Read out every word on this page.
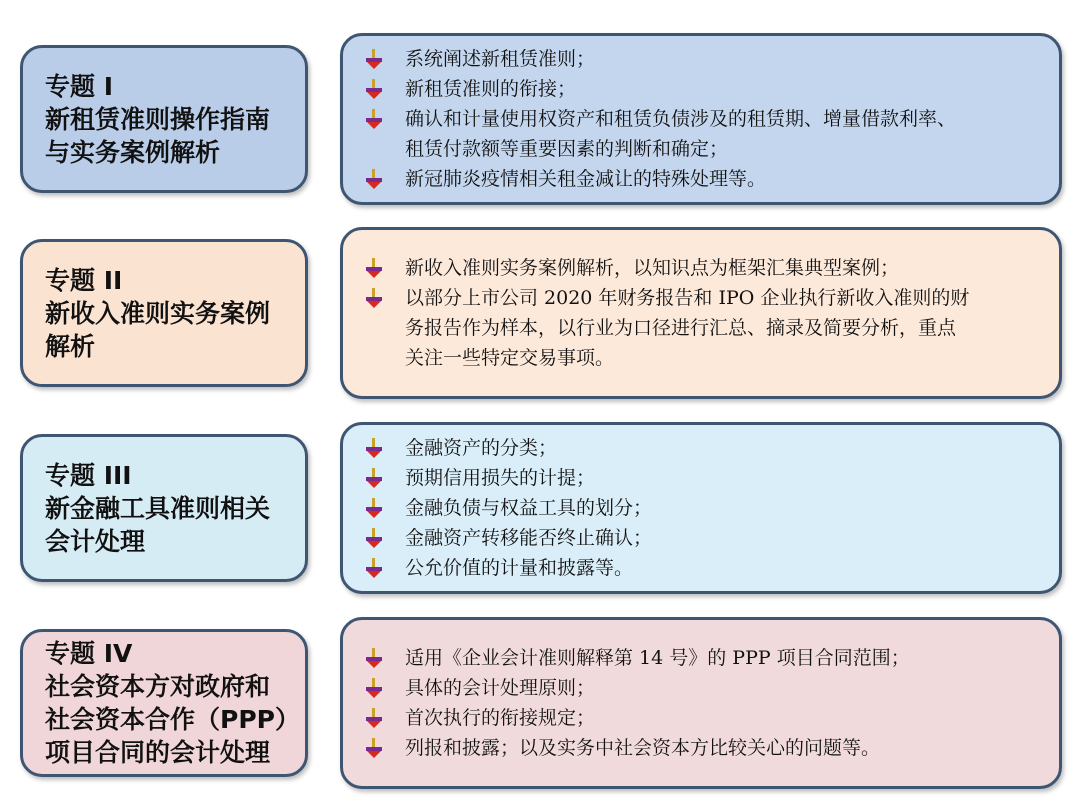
专题 I
新租赁准则操作指南
与实务案例解析
系统阐述新租赁准则；
新租赁准则的衔接；
确认和计量使用权资产和租赁负债涉及的租赁期、增量借款利率、
租赁付款额等重要因素的判断和确定；
新冠肺炎疫情相关租金减让的特殊处理等。
专题 II
新收入准则实务案例
解析
新收入准则实务案例解析，以知识点为框架汇集典型案例；
以部分上市公司 2020 年财务报告和 IPO 企业执行新收入准则的财
务报告作为样本，以行业为口径进行汇总、摘录及简要分析，重点
关注一些特定交易事项。
专题 III
新金融工具准则相关
会计处理
金融资产的分类；
预期信用损失的计提；
金融负债与权益工具的划分；
金融资产转移能否终止确认；
公允价值的计量和披露等。
专题 IV
社会资本方对政府和
社会资本合作（PPP）
项目合同的会计处理
适用《企业会计准则解释第 14 号》的 PPP 项目合同范围；
具体的会计处理原则；
首次执行的衔接规定；
列报和披露；以及实务中社会资本方比较关心的问题等。
